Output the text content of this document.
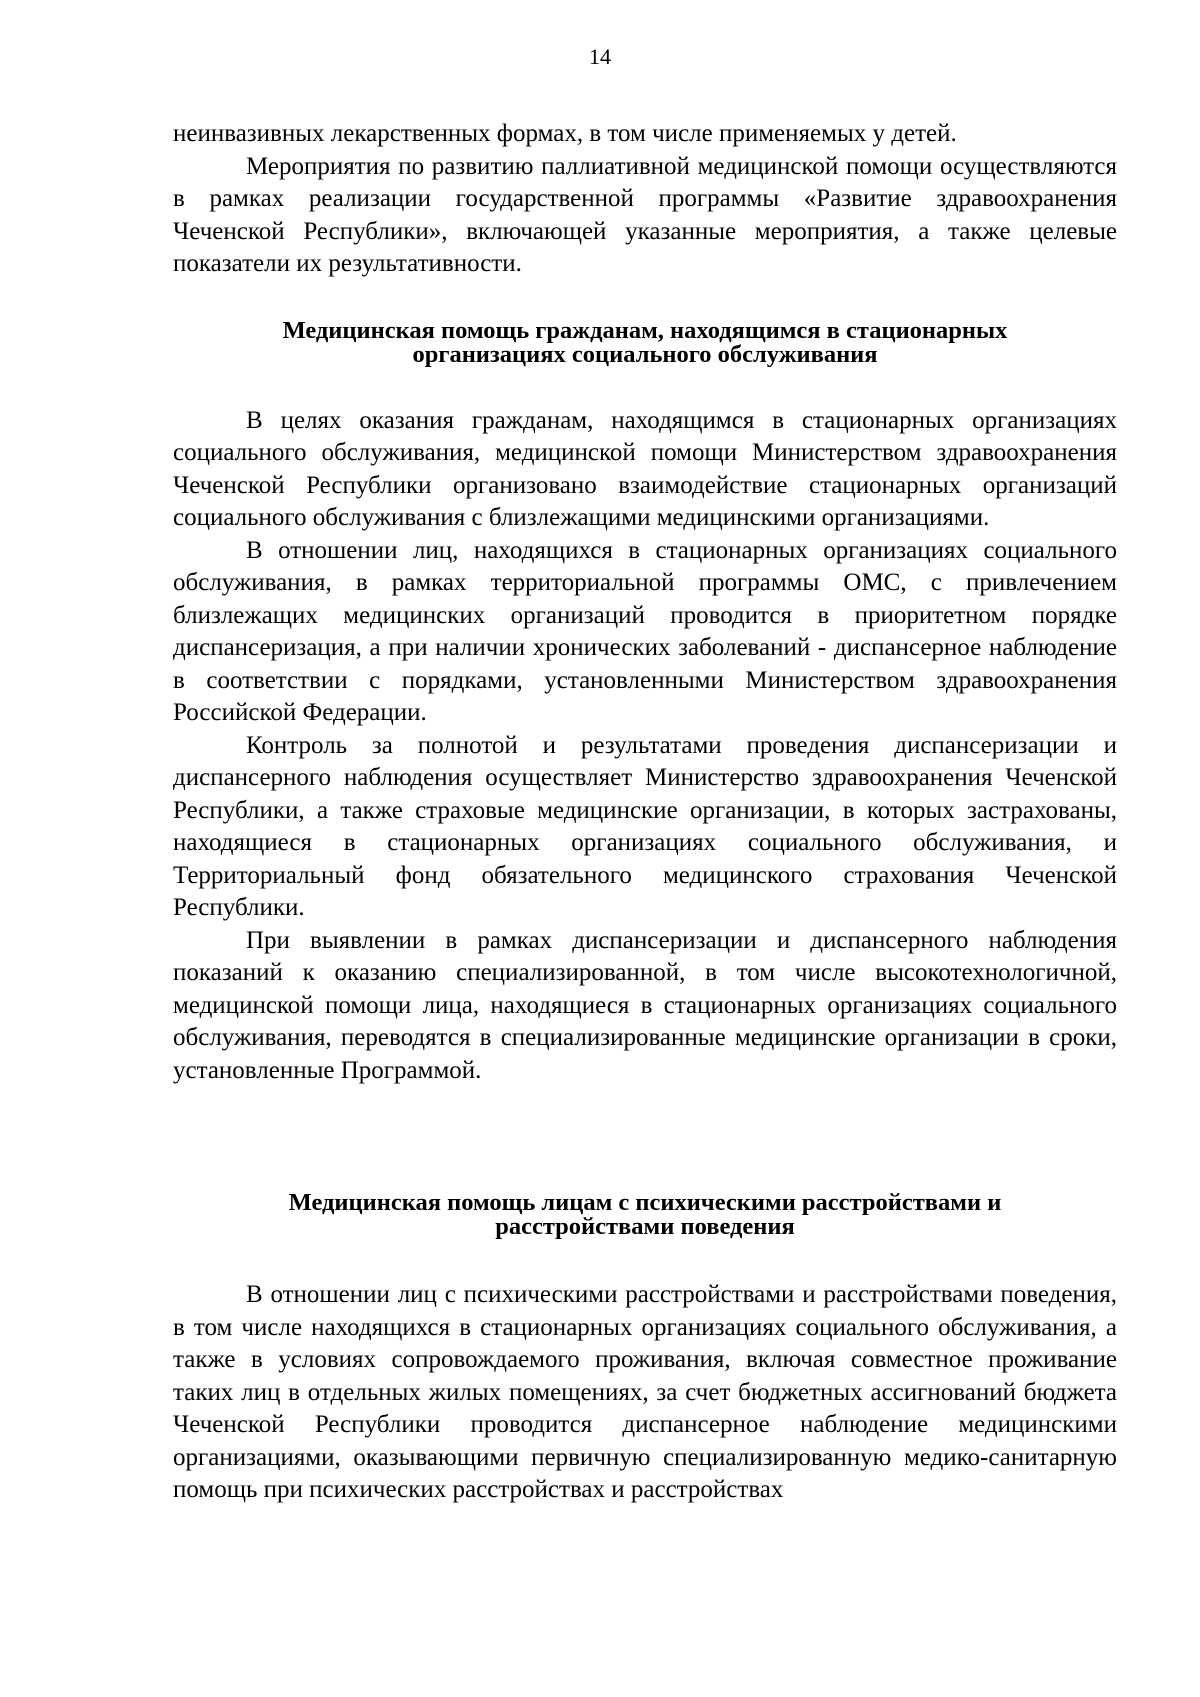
14

неинвазивных лекарственных формах, в том числе применяемых у детей.

Мероприятия по развитию паллиативной медицинской помощи осуществляются в рамках реализации государственной программы «Развитие здравоохранения Чеченской Республики», включающей указанные мероприятия, а также целевые показатели их результативности.

Медицинская помощь гражданам, находящимся в стационарных
организациях социального обслуживания

В целях оказания гражданам, находящимся в стационарных организациях социального обслуживания, медицинской помощи Министерством здравоохранения Чеченской Республики организовано взаимодействие стационарных организаций социального обслуживания с близлежащими медицинскими организациями.

В отношении лиц, находящихся в стационарных организациях социального обслуживания, в рамках территориальной программы ОМС, с привлечением близлежащих медицинских организаций проводится в приоритетном порядке диспансеризация, а при наличии хронических заболеваний - диспансерное наблюдение в соответствии с порядками, установленными Министерством здравоохранения Российской Федерации.

Контроль за полнотой и результатами проведения диспансеризации и диспансерного наблюдения осуществляет Министерство здравоохранения Чеченской Республики, а также страховые медицинские организации, в которых застрахованы, находящиеся в стационарных организациях социального обслуживания, и Территориальный фонд обязательного медицинского страхования Чеченской Республики.

При выявлении в рамках диспансеризации и диспансерного наблюдения показаний к оказанию специализированной, в том числе высокотехнологичной, медицинской помощи лица, находящиеся в стационарных организациях социального обслуживания, переводятся в специализированные медицинские организации в сроки, установленные Программой.

Медицинская помощь лицам с психическими расстройствами и
расстройствами поведения

В отношении лиц с психическими расстройствами и расстройствами поведения, в том числе находящихся в стационарных организациях социального обслуживания, а также в условиях сопровождаемого проживания, включая совместное проживание таких лиц в отдельных жилых помещениях, за счет бюджетных ассигнований бюджета Чеченской Республики проводится диспансерное наблюдение медицинскими организациями, оказывающими первичную специализированную медико-санитарную помощь при психических расстройствах и расстройствах
